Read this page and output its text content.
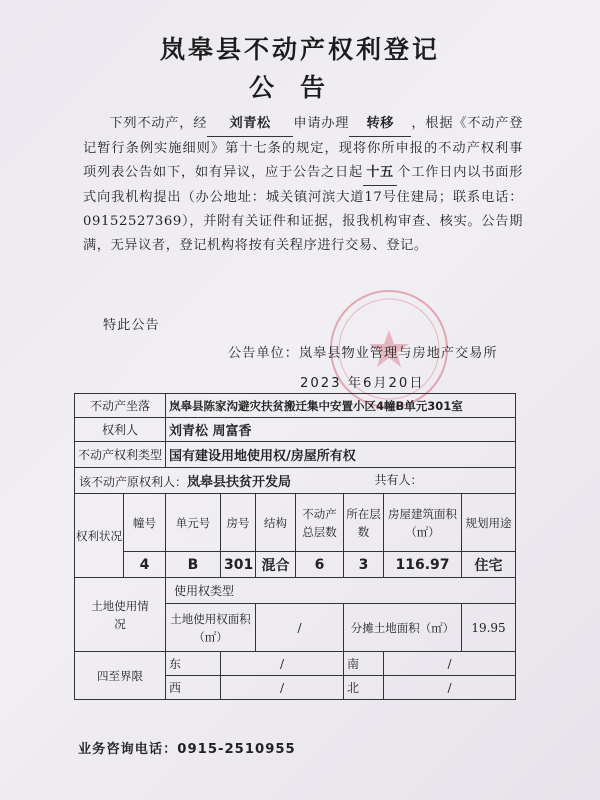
岚皋县不动产权利登记
公告

下列不动产，经 刘青松 申请办理 转移 ，根据《不动产登记暂行条例实施细则》第十七条的规定，现将你所申报的不动产权利事项列表公告如下，如有异议，应于公告之日起 十五 个工作日内以书面形式向我机构提出（办公地址：城关镇河滨大道17号住建局；联系电话：09152527369），并附有关证件和证据，报我机构审查、核实。公告期满，无异议者，登记机构将按有关程序进行交易、登记。

特此公告
公告单位：岚皋县物业管理与房地产交易所
2023 年6月20日
不动产坐落		岚皋县陈家沟避灾扶贫搬迁集中安置小区4幢B单元301室						
权利人		刘青松 周富香						
不动产权利类型		国有建设用地使用权/房屋所有权						
该不动产原权利人：岚皋县扶贫开发局 共有人：								

权利状况	幢号	单元号	房号	结构	不动产总层数	所在层数	房屋建筑面积（㎡）	规划用途
	4	B	301	混合	6	3	116.97	住宅
土地使用情况		使用权类型						
		土地使用权面积（㎡）		/		分摊土地面积（㎡）		19.95
四至界限		东	/			南	/	
		西	/			北	/	
业务咨询电话：0915-2510955
